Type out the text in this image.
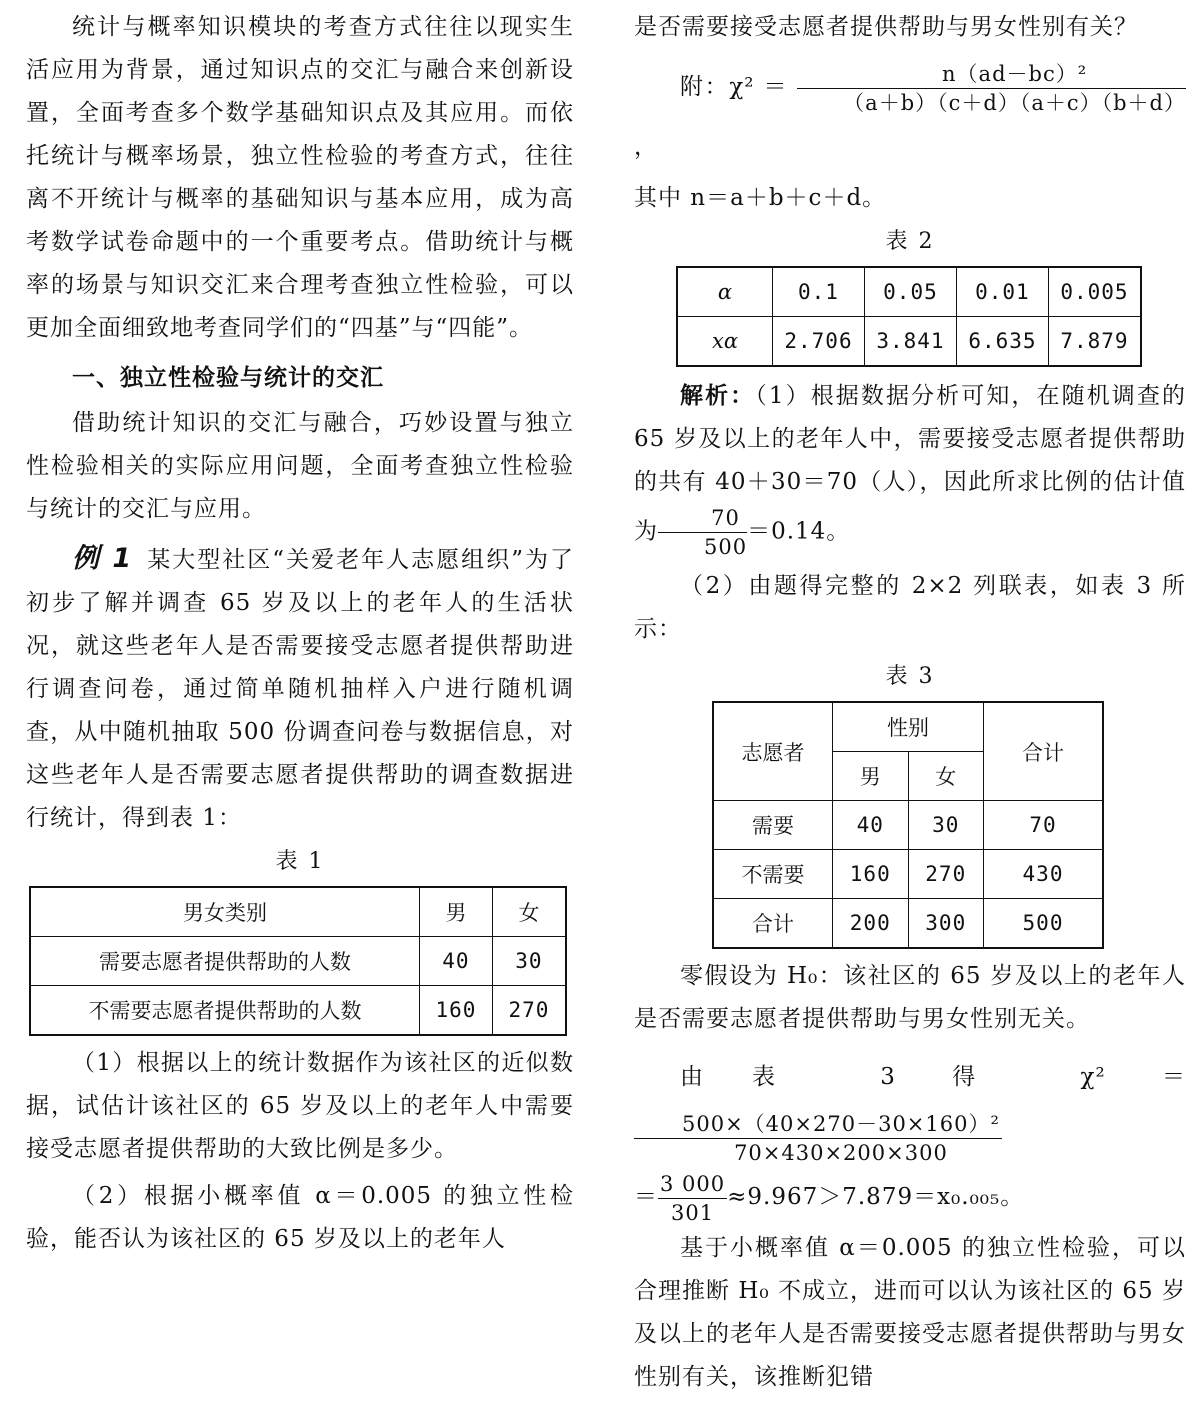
统计与概率知识模块的考查方式往往以现实生活应用为背景，通过知识点的交汇与融合来创新设置，全面考查多个数学基础知识点及其应用。而依托统计与概率场景，独立性检验的考查方式，往往离不开统计与概率的基础知识与基本应用，成为高考数学试卷命题中的一个重要考点。借助统计与概率的场景与知识交汇来合理考查独立性检验，可以更加全面细致地考查同学们的“四基”与“四能”。

一、独立性检验与统计的交汇

借助统计知识的交汇与融合，巧妙设置与独立性检验相关的实际应用问题，全面考查独立性检验与统计的交汇与应用。

例 1 某大型社区“关爱老年人志愿组织”为了初步了解并调查 65 岁及以上的老年人的生活状况，就这些老年人是否需要接受志愿者提供帮助进行调查问卷，通过简单随机抽样入户进行随机调查，从中随机抽取 500 份调查问卷与数据信息，对这些老年人是否需要志愿者提供帮助的调查数据进行统计，得到表 1：

表 1
男女类别	男	女
需要志愿者提供帮助的人数	40	30
不需要志愿者提供帮助的人数	160	270

（1）根据以上的统计数据作为该社区的近似数据，试估计该社区的 65 岁及以上的老年人中需要接受志愿者提供帮助的大致比例是多少。

（2）根据小概率值 α＝0.005 的独立性检验，能否认为该社区的 65 岁及以上的老年人

是否需要接受志愿者提供帮助与男女性别有关？

附：$\chi^2 = \frac{\text{n（ad－bc）²}}{(a+b)(c+d)(a+c)(b+d)}$
，

其中 n＝a＋b＋c＋d。

表 2
α	0.1	0.05	0.01	0.005
xα	2.706	3.841	6.635	7.879

解析：（1）根据数据分析可知，在随机调查的 65 岁及以上的老年人中，需要接受志愿者提供帮助的共有 40＋30＝70（人），因此所求比例的估计值为 $\frac{70}{500} =0.14$。

（2）由题得完整的 2×2 列联表，如表 3 所示：

表 3
志愿者	性别		合计
	男	女	
需要	40	30	70
不需要	160	270	430
合计	200	300	500

零假设为 H₀：该社区的 65 岁及以上的老年人是否需要志愿者提供帮助与男女性别无关。

由表 3 得 χ² ＝
$\frac{\text{500×（40×270－30×160）²}}{70\times 430\times 200\times 300}$

＝ $\frac{3 000}{301} \approx 9.967>7.879=x_0._{005}$。

基于小概率值 α＝0.005 的独立性检验，可以合理推断 H₀ 不成立，进而可以认为该社区的 65 岁及以上的老年人是否需要接受志愿者提供帮助与男女性别有关，该推断犯错
